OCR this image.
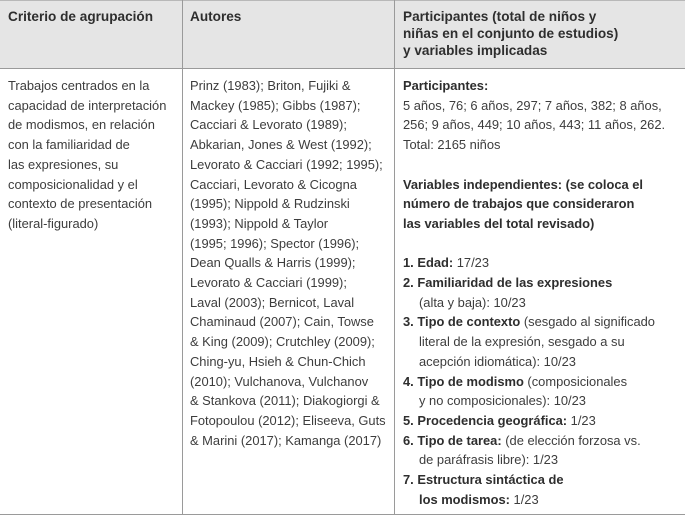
Criterio de agrupación	Autores	Participantes (total de niños y
niñas en el conjunto de estudios)
y variables implicadas

Trabajos centrados en la

capacidad de interpretación

de modismos, en relación

con la familiaridad de

las expresiones, su

composicionalidad y el

contexto de presentación

(literal-figurado)

Prinz (1983); Briton, Fujiki &

Mackey (1985); Gibbs (1987);

Cacciari & Levorato (1989);

Abkarian, Jones & West (1992);

Levorato & Cacciari (1992; 1995);

Cacciari, Levorato & Cicogna

(1995); Nippold & Rudzinski

(1993); Nippold & Taylor

(1995; 1996); Spector (1996);

Dean Qualls & Harris (1999);

Levorato & Cacciari (1999);

Laval (2003); Bernicot, Laval

Chaminaud (2007); Cain, Towse

& King (2009); Crutchley (2009);

Ching-yu, Hsieh & Chun-Chich

(2010); Vulchanova, Vulchanov

& Stankova (2011); Diakogiorgi &

Fotopoulou (2012); Eliseeva, Guts

& Marini (2017); Kamanga (2017)

Participantes:

5 años, 76; 6 años, 297; 7 años, 382; 8 años,

256; 9 años, 449; 10 años, 443; 11 años, 262.

Total: 2165 niños

Variables independientes: (se coloca el

número de trabajos que consideraron

las variables del total revisado)

1. Edad: 17/23
2. Familiaridad de las expresiones
(alta y baja): 10/23
3. Tipo de contexto (sesgado al significado
literal de la expresión, sesgado a su
acepción idiomática): 10/23
4. Tipo de modismo (composicionales
y no composicionales): 10/23
5. Procedencia geográfica: 1/23
6. Tipo de tarea: (de elección forzosa vs.
de paráfrasis libre): 1/23
7. Estructura sintáctica de
los modismos: 1/23
